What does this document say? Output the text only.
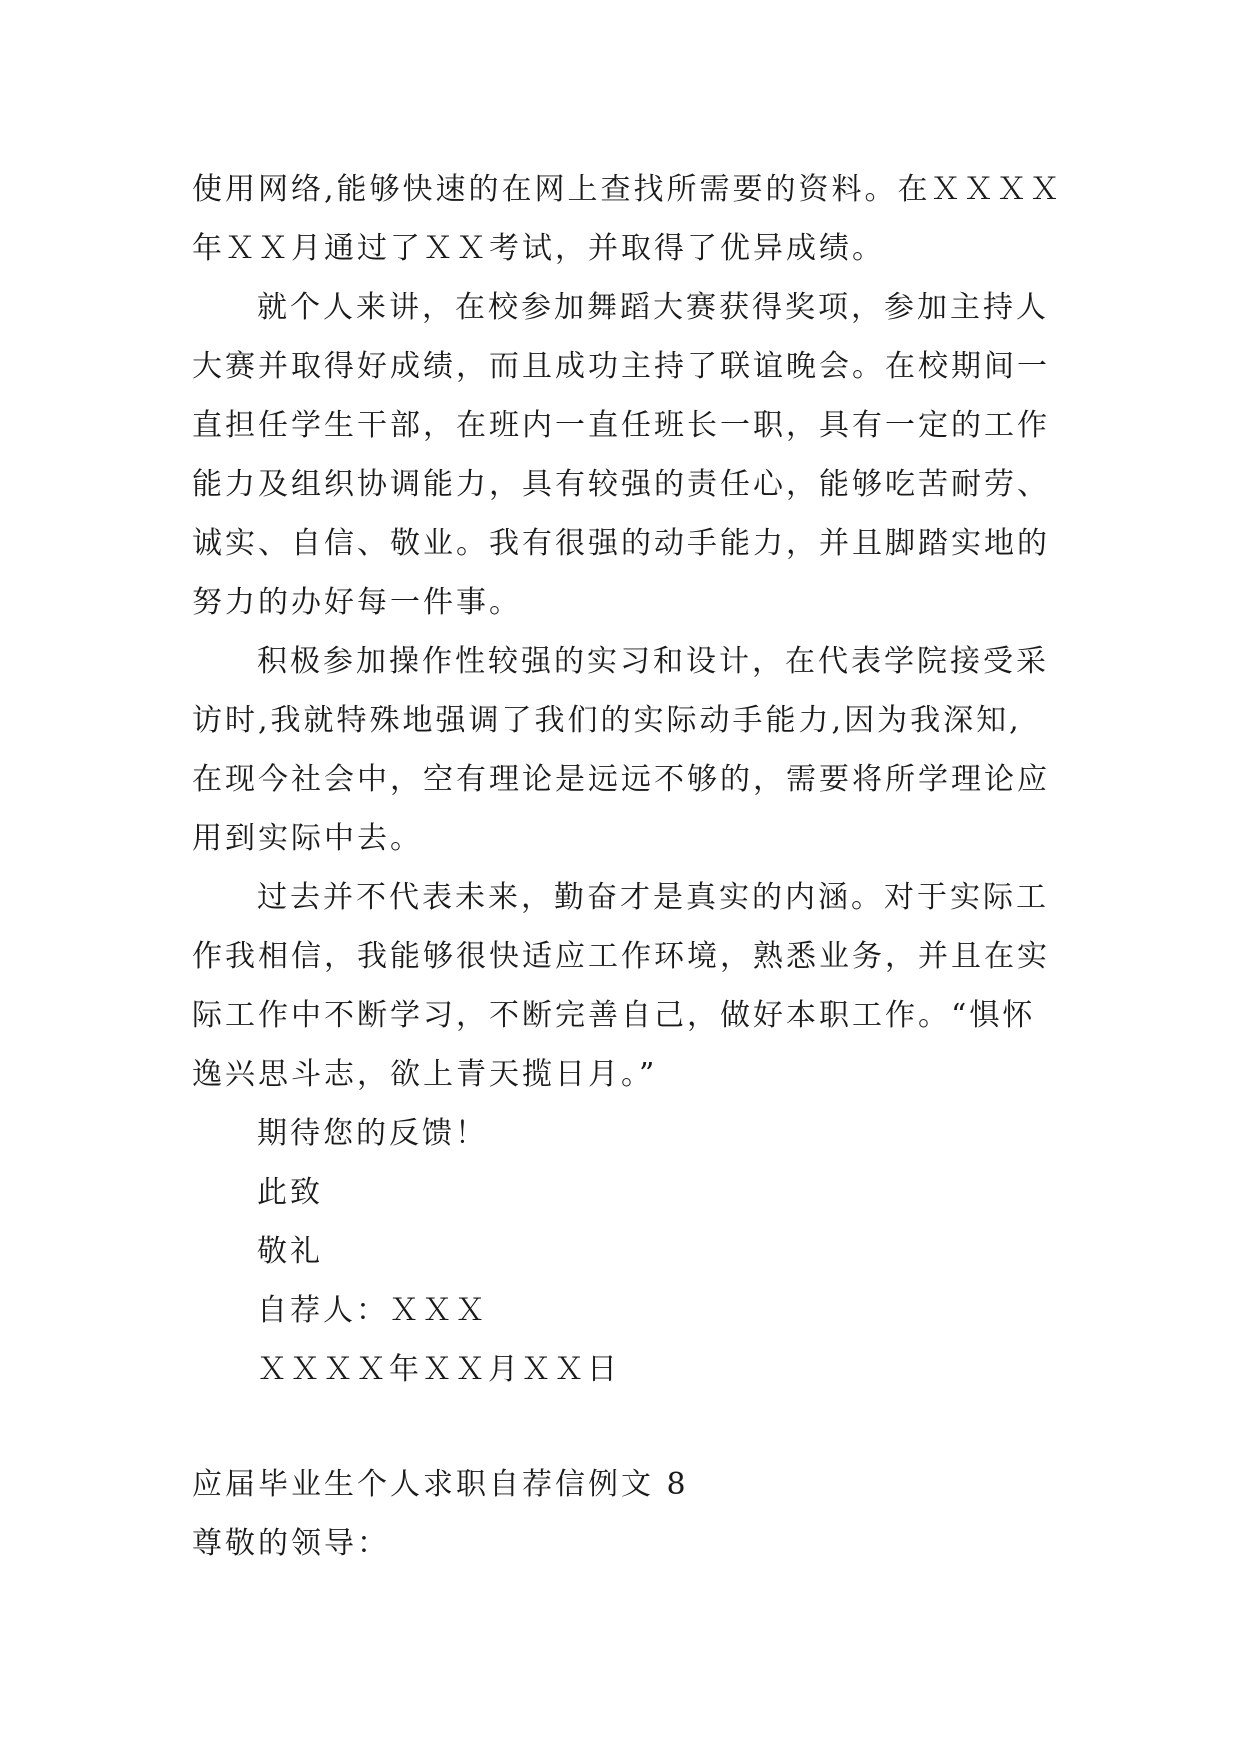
使用网络,能够快速的在网上查找所需要的资料。在ＸＸＸＸ
年ＸＸ月通过了ＸＸ考试，并取得了优异成绩。
就个人来讲，在校参加舞蹈大赛获得奖项，参加主持人
大赛并取得好成绩，而且成功主持了联谊晚会。在校期间一
直担任学生干部，在班内一直任班长一职，具有一定的工作
能力及组织协调能力，具有较强的责任心，能够吃苦耐劳、
诚实、自信、敬业。我有很强的动手能力，并且脚踏实地的
努力的办好每一件事。
积极参加操作性较强的实习和设计，在代表学院接受采
访时,我就特殊地强调了我们的实际动手能力,因为我深知,
在现今社会中，空有理论是远远不够的，需要将所学理论应
用到实际中去。
过去并不代表未来，勤奋才是真实的内涵。对于实际工
作我相信，我能够很快适应工作环境，熟悉业务，并且在实
际工作中不断学习，不断完善自己，做好本职工作。“惧怀
逸兴思斗志，欲上青天揽日月。”
期待您的反馈！
此致
敬礼
自荐人：ＸＸＸ
ＸＸＸＸ年ＸＸ月ＸＸ日
应届毕业生个人求职自荐信例文 8
尊敬的领导：
